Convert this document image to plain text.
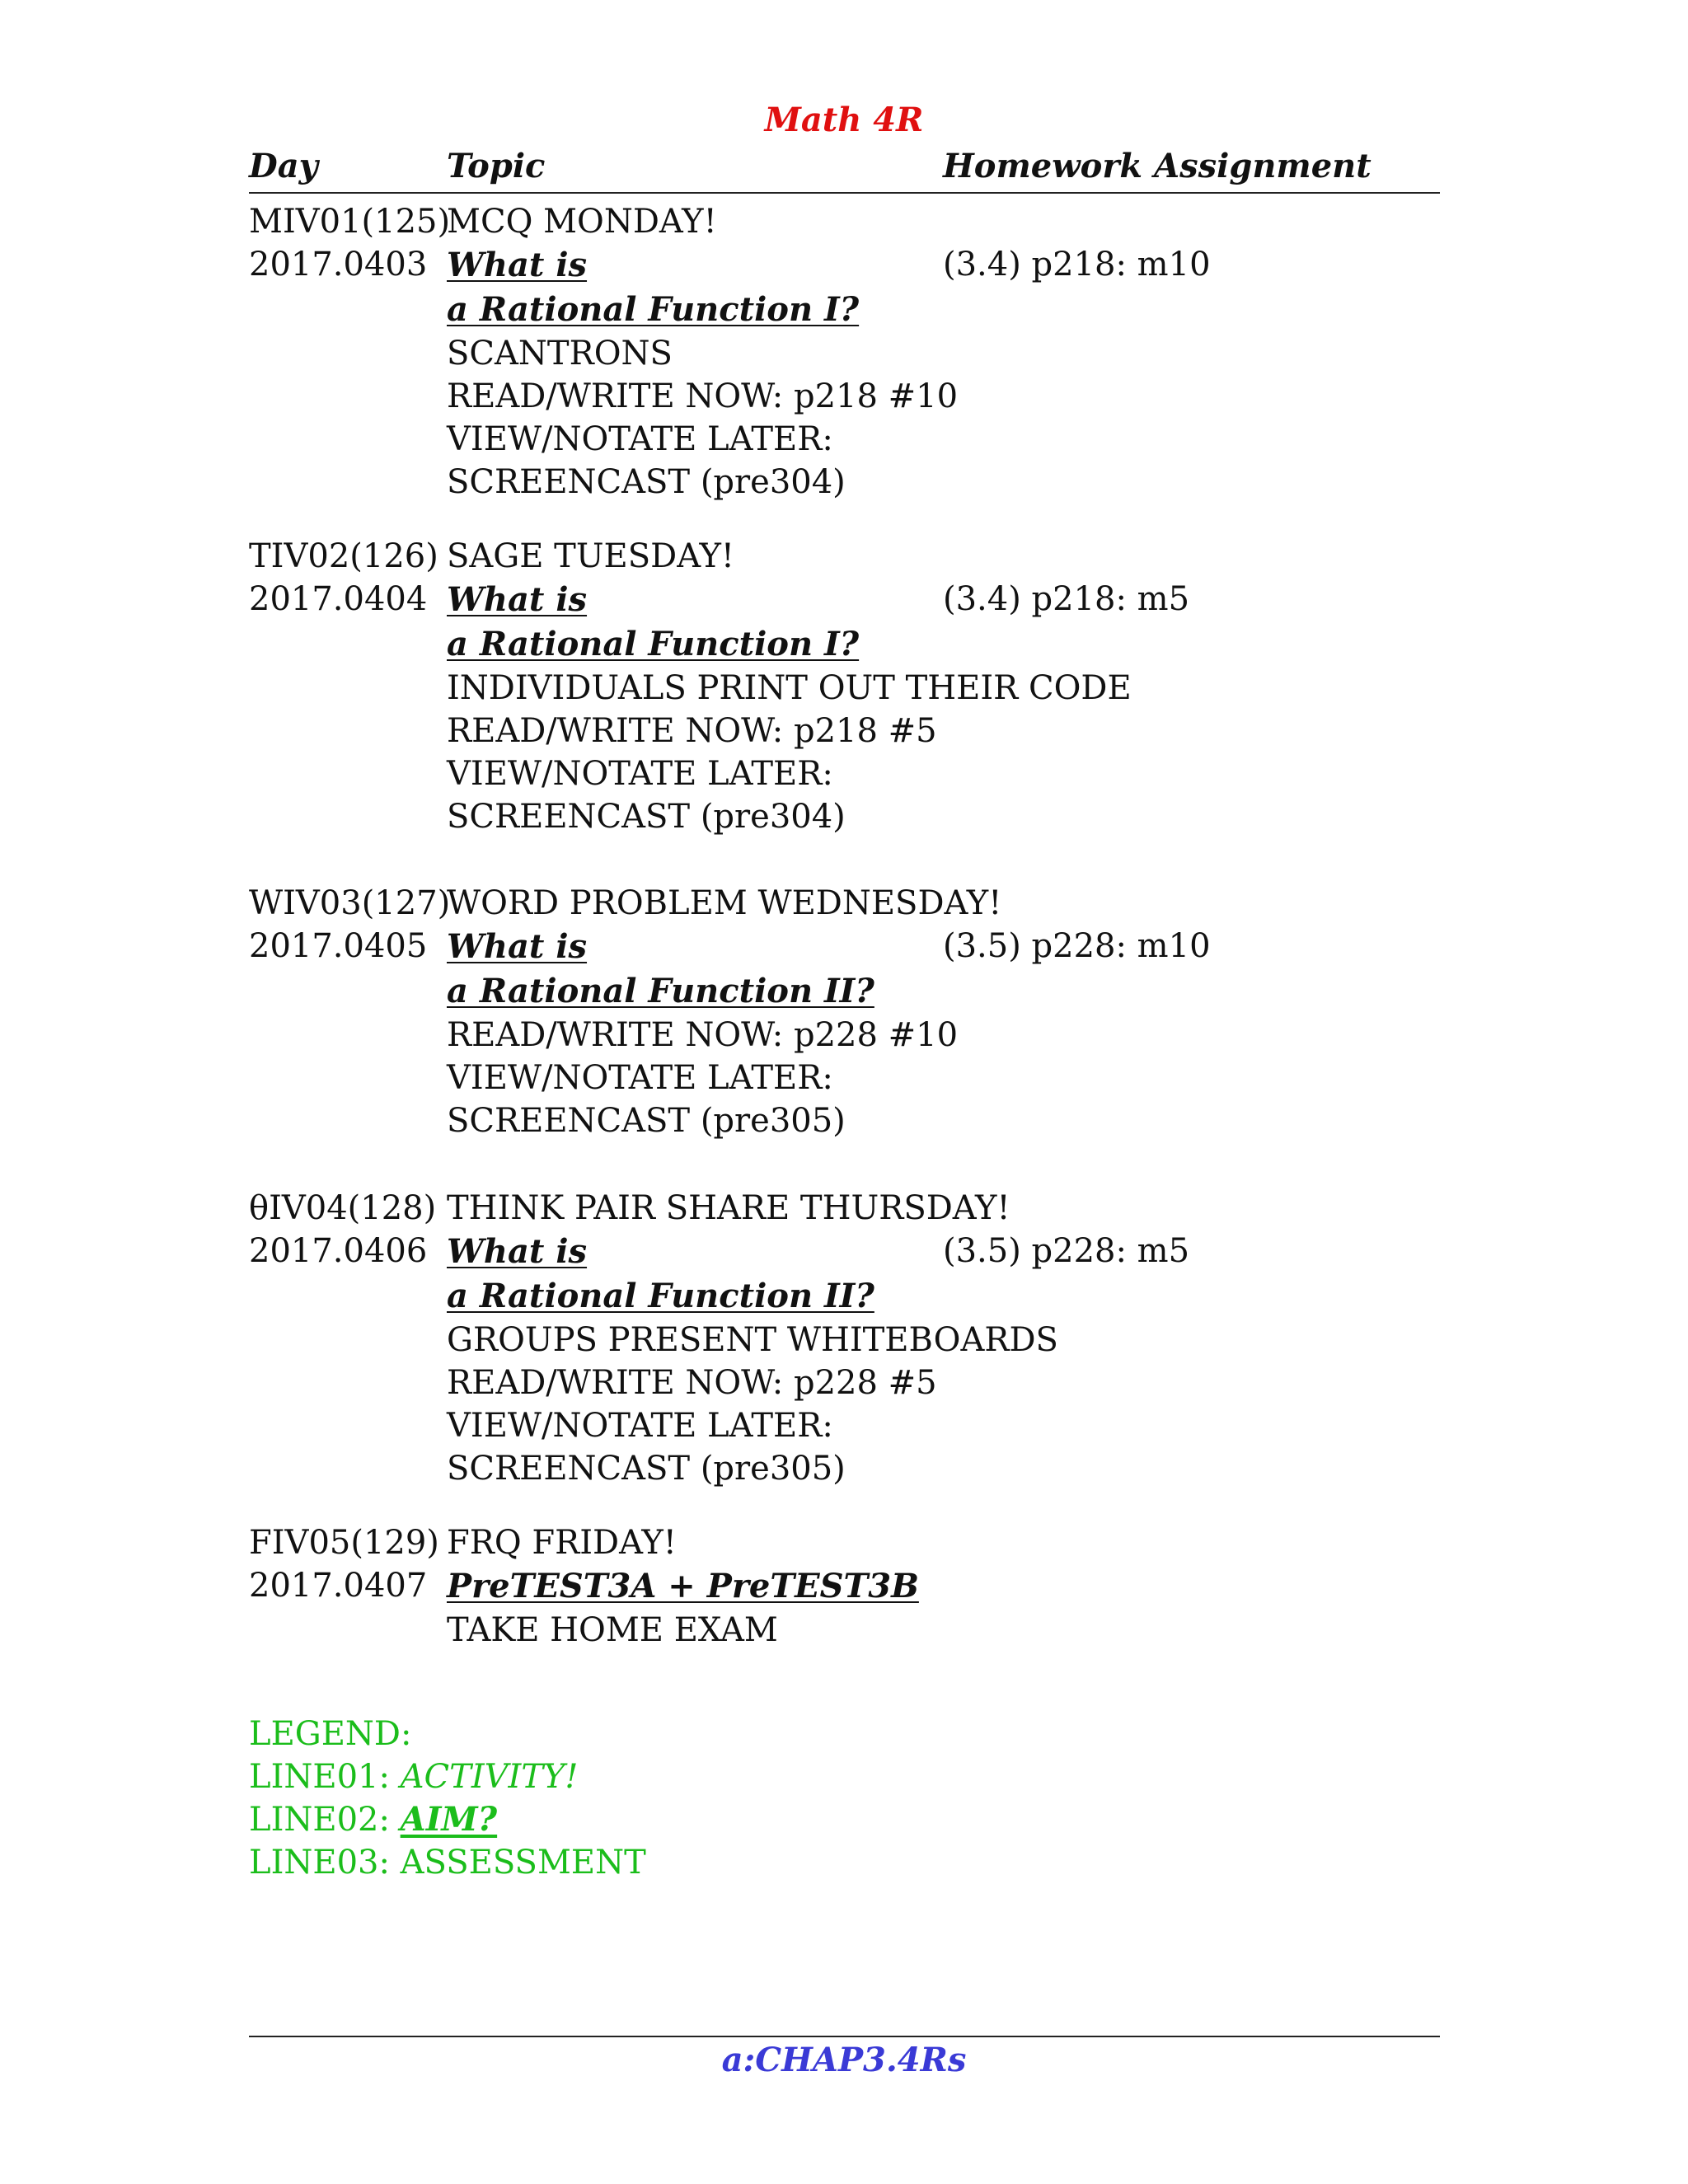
Math 4R
Day	Topic	Homework Assignment
MIV01(125)
2017.0403
MCQ MONDAY!
What is
a Rational Function I?
SCANTRONS
READ/WRITE NOW: p218 #10
VIEW/NOTATE LATER:
SCREENCAST (pre304)
(3.4) p218: m10
TIV02(126)
2017.0404
SAGE TUESDAY!
What is
a Rational Function I?
INDIVIDUALS PRINT OUT THEIR CODE
READ/WRITE NOW: p218 #5
VIEW/NOTATE LATER:
SCREENCAST (pre304)
(3.4) p218: m5
WIV03(127)
2017.0405
WORD PROBLEM WEDNESDAY!
What is
a Rational Function II?
READ/WRITE NOW: p228 #10
VIEW/NOTATE LATER:
SCREENCAST (pre305)
(3.5) p228: m10
θIV04(128)
2017.0406
THINK PAIR SHARE THURSDAY!
What is
a Rational Function II?
GROUPS PRESENT WHITEBOARDS
READ/WRITE NOW: p228 #5
VIEW/NOTATE LATER:
SCREENCAST (pre305)
(3.5) p228: m5
FIV05(129)
2017.0407
FRQ FRIDAY!
PreTEST3A + PreTEST3B
TAKE HOME EXAM
LEGEND:
LINE01: ACTIVITY!
LINE02: AIM?
LINE03: ASSESSMENT
a:CHAP3.4Rs
